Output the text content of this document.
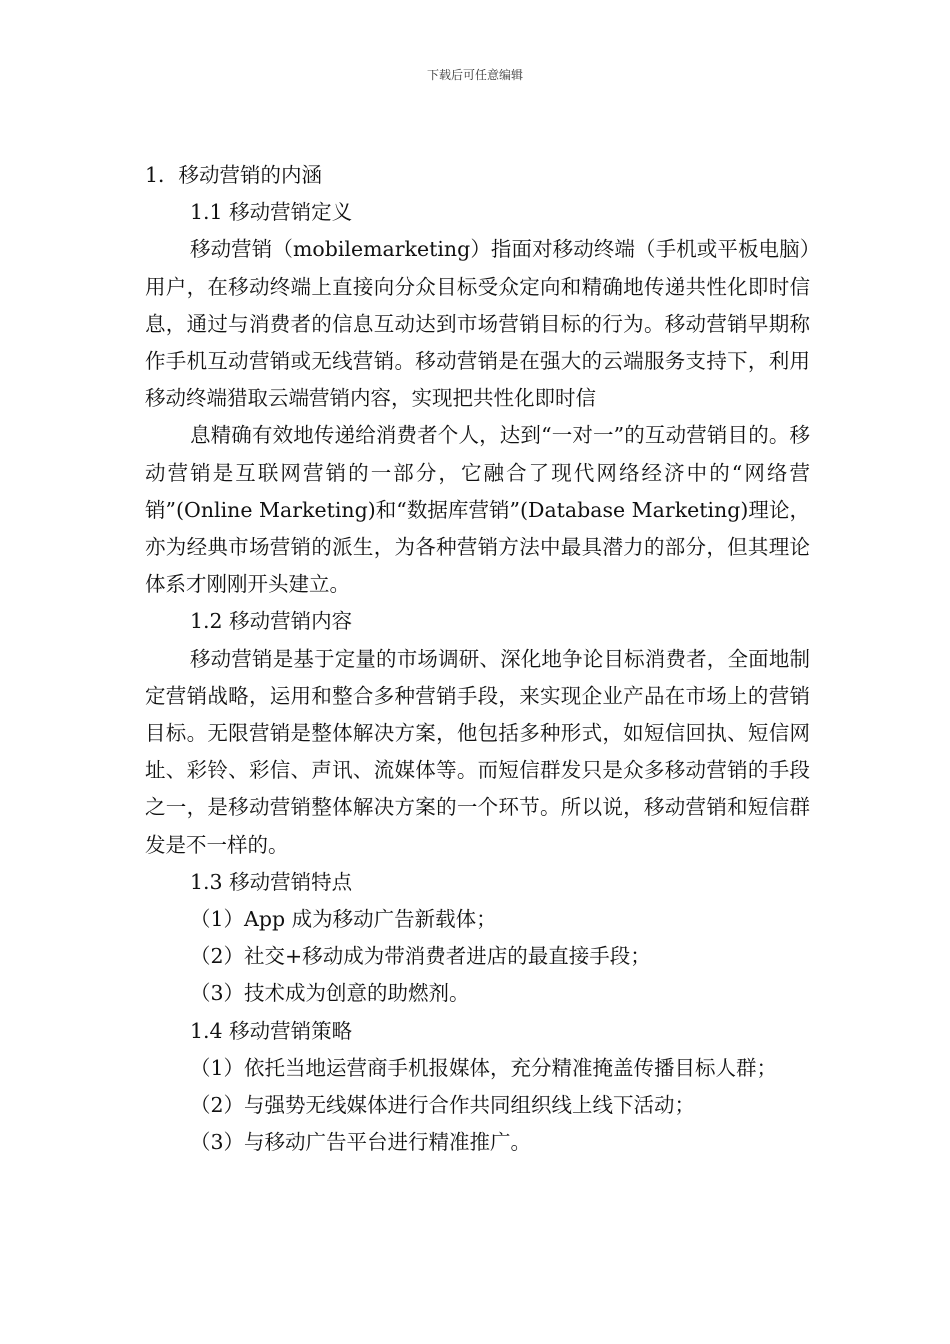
下载后可任意编辑

1．移动营销的内涵

1.1 移动营销定义

移动营销（mobilemarketing）指面对移动终端（手机或平板电脑）用户，在移动终端上直接向分众目标受众定向和精确地传递共性化即时信息，通过与消费者的信息互动达到市场营销目标的行为。移动营销早期称作手机互动营销或无线营销。移动营销是在强大的云端服务支持下，利用移动终端猎取云端营销内容，实现把共性化即时信

息精确有效地传递给消费者个人，达到“一对一”的互动营销目的。移动营销是互联网营销的一部分，它融合了现代网络经济中的“网络营销”(Online Marketing)和“数据库营销”(Database Marketing)理论，亦为经典市场营销的派生，为各种营销方法中最具潜力的部分，但其理论体系才刚刚开头建立。

1.2 移动营销内容

移动营销是基于定量的市场调研、深化地争论目标消费者，全面地制定营销战略，运用和整合多种营销手段，来实现企业产品在市场上的营销目标。无限营销是整体解决方案，他包括多种形式，如短信回执、短信网址、彩铃、彩信、声讯、流媒体等。而短信群发只是众多移动营销的手段之一，是移动营销整体解决方案的一个环节。所以说，移动营销和短信群发是不一样的。

1.3 移动营销特点

（1）App 成为移动广告新载体；

（2）社交+移动成为带消费者进店的最直接手段；

（3）技术成为创意的助燃剂。

1.4 移动营销策略

（1）依托当地运营商手机报媒体，充分精准掩盖传播目标人群；

（2）与强势无线媒体进行合作共同组织线上线下活动；

（3）与移动广告平台进行精准推广。
